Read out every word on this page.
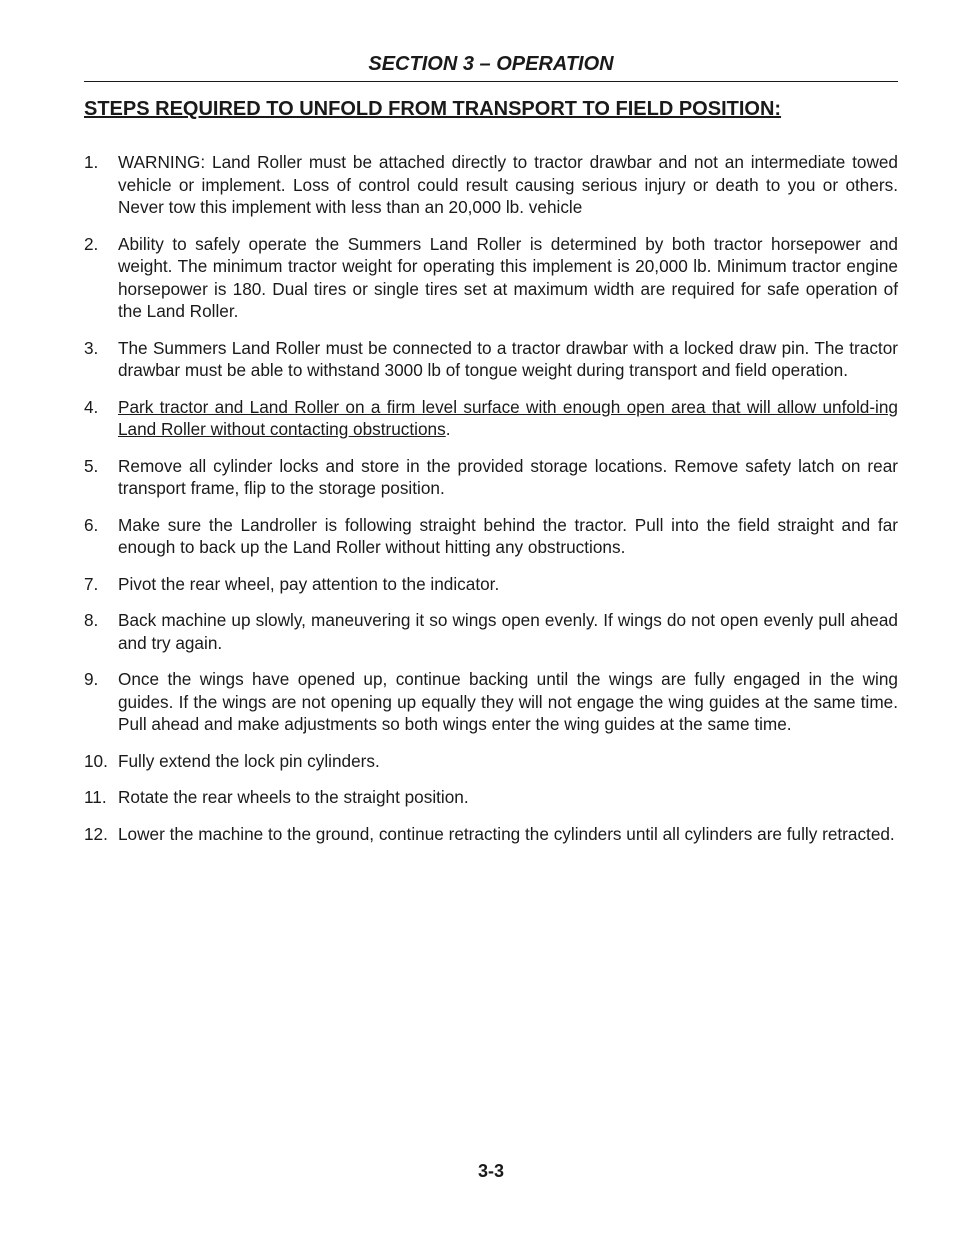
SECTION 3 – OPERATION
STEPS REQUIRED TO UNFOLD FROM TRANSPORT TO FIELD POSITION:
1. WARNING: Land Roller must be attached directly to tractor drawbar and not an intermediate towed vehicle or implement. Loss of control could result causing serious injury or death to you or others. Never tow this implement with less than an 20,000 lb. vehicle
2. Ability to safely operate the Summers Land Roller is determined by both tractor horsepower and weight. The minimum tractor weight for operating this implement is 20,000 lb. Minimum tractor engine horsepower is 180. Dual tires or single tires set at maximum width are required for safe operation of the Land Roller.
3. The Summers Land Roller must be connected to a tractor drawbar with a locked draw pin. The tractor drawbar must be able to withstand 3000 lb of tongue weight during transport and field operation.
4. Park tractor and Land Roller on a firm level surface with enough open area that will allow unfold-ing Land Roller without contacting obstructions.
5. Remove all cylinder locks and store in the provided storage locations. Remove safety latch on rear transport frame, flip to the storage position.
6. Make sure the Landroller is following straight behind the tractor. Pull into the field straight and far enough to back up the Land Roller without hitting any obstructions.
7. Pivot the rear wheel, pay attention to the indicator.
8. Back machine up slowly, maneuvering it so wings open evenly. If wings do not open evenly pull ahead and try again.
9. Once the wings have opened up, continue backing until the wings are fully engaged in the wing guides. If the wings are not opening up equally they will not engage the wing guides at the same time. Pull ahead and make adjustments so both wings enter the wing guides at the same time.
10. Fully extend the lock pin cylinders.
11. Rotate the rear wheels to the straight position.
12. Lower the machine to the ground, continue retracting the cylinders until all cylinders are fully retracted.
3-3
